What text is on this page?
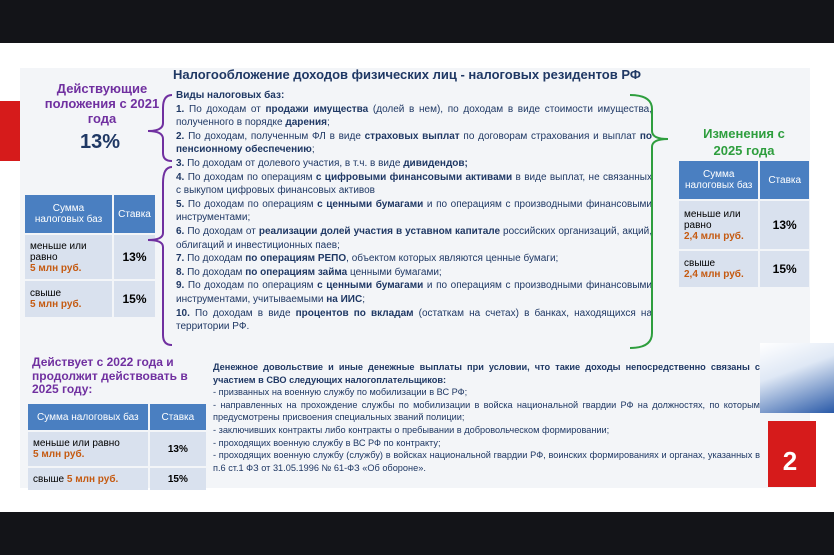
2
Налогообложение доходов физических лиц - налоговых резидентов РФ
Действующие положения с 2021 года
13%
Сумма налоговых баз	Ставка
меньше или равно
5 млн руб.	13%
свыше
5 млн руб.	15%
Изменения с 2025 года
Сумма налоговых баз	Ставка
меньше или равно
2,4 млн руб.	13%
свыше
2,4 млн руб.	15%

Виды налоговых баз:

1. По доходам от продажи имущества (долей в нем), по доходам в виде стоимости имущества, полученного в порядке дарения;

2. По доходам, полученным ФЛ в виде страховых выплат по договорам страхования и выплат по пенсионному обеспечению;

3. По доходам от долевого участия, в т.ч. в виде дивидендов;

4. По доходам по операциям с цифровыми финансовыми активами в виде выплат, не связанных с выкупом цифровых финансовых активов

5. По доходам по операциям с ценными бумагами и по операциям с производными финансовыми инструментами;

6. По доходам от реализации долей участия в уставном капитале российских организаций, акций, облигаций и инвестиционных паев;

7. По доходам по операциям РЕПО, объектом которых являются ценные бумаги;

8. По доходам по операциям займа ценными бумагами;

9. По доходам по операциям с ценными бумагами и по операциям с производными финансовыми инструментами, учитываемыми на ИИС;

10. По доходам в виде процентов по вкладам (остаткам на счетах) в банках, находящихся на территории РФ.

Действует с 2022 года и продолжит действовать в 2025 году:
Сумма налоговых баз	Ставка
меньше или равно
5 млн руб.	13%
свыше 5 млн руб.	15%

Денежное довольствие и иные денежные выплаты при условии, что такие доходы непосредственно связаны с участием в СВО следующих налогоплательщиков:

- призванных на военную службу по мобилизации в ВС РФ;

- направленных на прохождение службы по мобилизации в войска национальной гвардии РФ на должностях, по которым предусмотрены присвоения специальных званий полиции;

- заключивших контракты либо контракты о пребывании в добровольческом формировании;

- проходящих военную службу в ВС РФ по контракту;

- проходящих военную службу (службу) в войсках национальной гвардии РФ, воинских формированиях и органах, указанных в п.6 ст.1 ФЗ от 31.05.1996 № 61-ФЗ «Об обороне».
